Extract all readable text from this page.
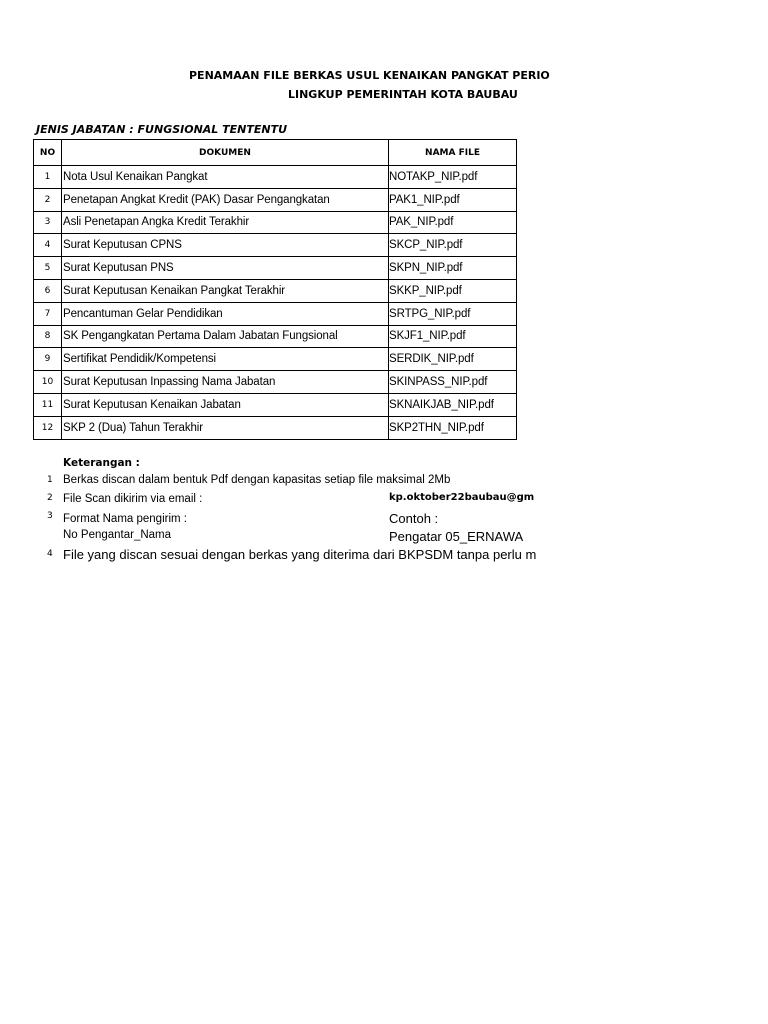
PENAMAAN FILE BERKAS USUL KENAIKAN PANGKAT PERIO
LINGKUP PEMERINTAH KOTA BAUBAU
JENIS JABATAN : FUNGSIONAL TENTENTU
NO	DOKUMEN	NAMA FILE
1	Nota Usul Kenaikan Pangkat	NOTAKP_NIP.pdf
2	Penetapan Angkat Kredit (PAK) Dasar Pengangkatan	PAK1_NIP.pdf
3	Asli Penetapan Angka Kredit Terakhir	PAK_NIP.pdf
4	Surat Keputusan CPNS	SKCP_NIP.pdf
5	Surat Keputusan PNS	SKPN_NIP.pdf
6	Surat Keputusan Kenaikan Pangkat Terakhir	SKKP_NIP.pdf
7	Pencantuman Gelar Pendidikan	SRTPG_NIP.pdf
8	SK Pengangkatan Pertama Dalam Jabatan Fungsional	SKJF1_NIP.pdf
9	Sertifikat Pendidik/Kompetensi	SERDIK_NIP.pdf
10	Surat Keputusan Inpassing Nama Jabatan	SKINPASS_NIP.pdf
11	Surat Keputusan Kenaikan Jabatan	SKNAIKJAB_NIP.pdf
12	SKP 2 (Dua) Tahun Terakhir	SKP2THN_NIP.pdf
Keterangan :
1 Berkas discan dalam bentuk Pdf dengan kapasitas setiap file maksimal 2Mb
2 File Scan dikirim via email :	kp.oktober22baubau@gm
3 Format Nama pengirim :	Contoh :
No Pengantar_Nama	Pengatar 05_ERNAWA
4 File yang discan sesuai dengan berkas yang diterima dari BKPSDM tanpa perlu m
